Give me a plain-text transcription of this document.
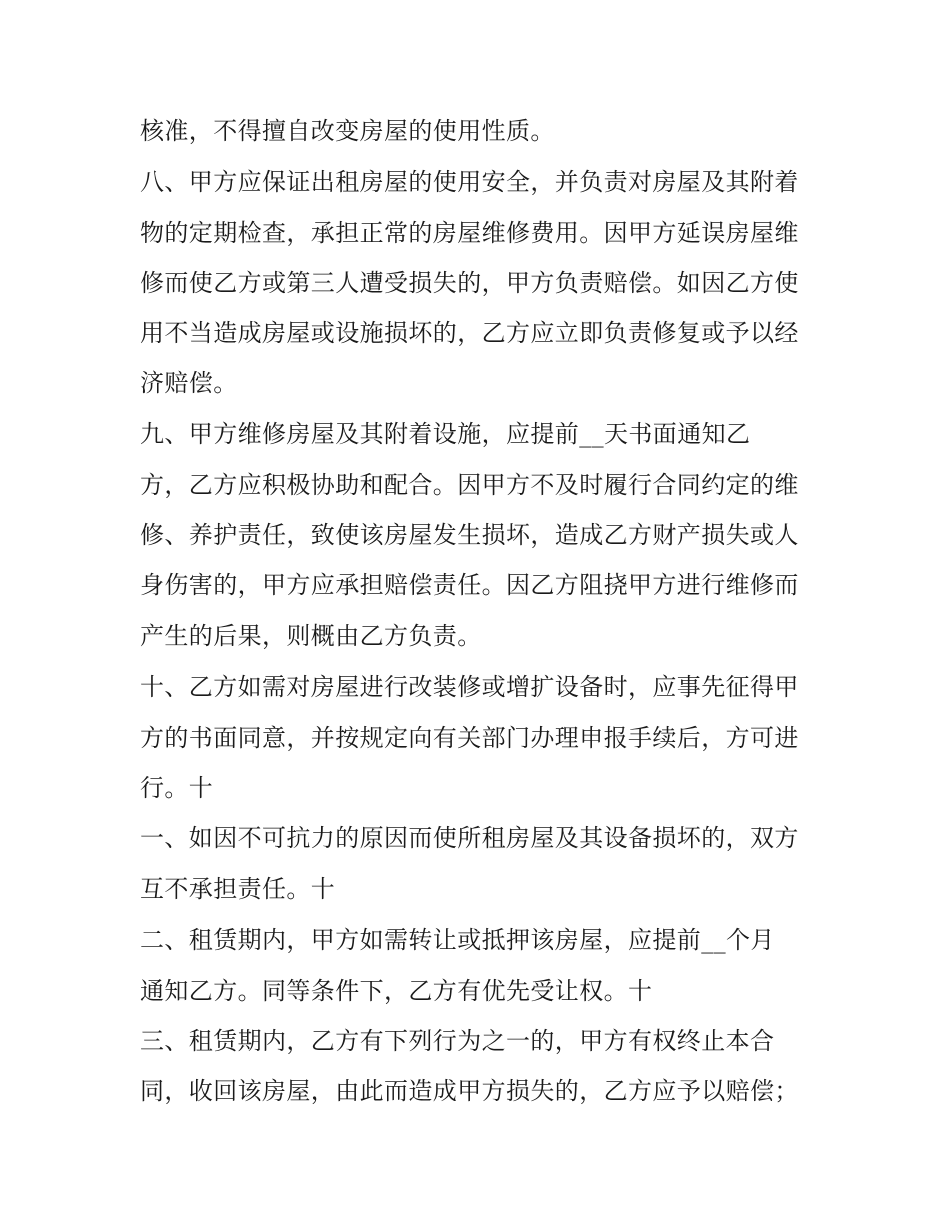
核准，不得擅自改变房屋的使用性质。
八、甲方应保证出租房屋的使用安全，并负责对房屋及其附着
物的定期检查，承担正常的房屋维修费用。因甲方延误房屋维
修而使乙方或第三人遭受损失的，甲方负责赔偿。如因乙方使
用不当造成房屋或设施损坏的，乙方应立即负责修复或予以经
济赔偿。
九、甲方维修房屋及其附着设施，应提前__天书面通知乙
方，乙方应积极协助和配合。因甲方不及时履行合同约定的维
修、养护责任，致使该房屋发生损坏，造成乙方财产损失或人
身伤害的，甲方应承担赔偿责任。因乙方阻挠甲方进行维修而
产生的后果，则概由乙方负责。
十、乙方如需对房屋进行改装修或增扩设备时，应事先征得甲
方的书面同意，并按规定向有关部门办理申报手续后，方可进
行。十
一、如因不可抗力的原因而使所租房屋及其设备损坏的，双方
互不承担责任。十
二、租赁期内，甲方如需转让或抵押该房屋，应提前__个月
通知乙方。同等条件下，乙方有优先受让权。十
三、租赁期内，乙方有下列行为之一的，甲方有权终止本合
同，收回该房屋，由此而造成甲方损失的，乙方应予以赔偿；
